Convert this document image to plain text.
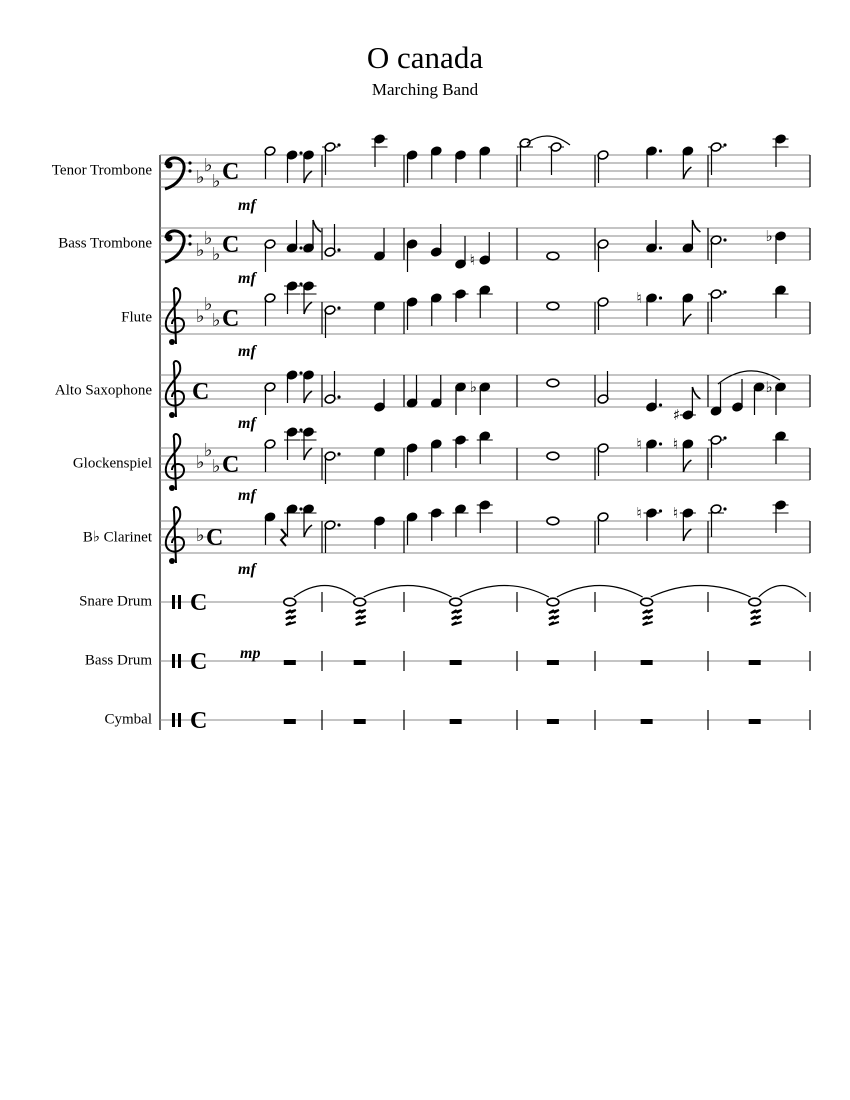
O canada
Marching Band
Tenor Trombone
Bass Trombone
Flute
Alto Saxophone
Glockenspiel
B♭ Clarinet
Snare Drum
Bass Drum
Cymbal
♭
♭
♭ C
♭
♭
♭ C
mf
♮
♭
♭
♭
♭ C
mf
♮
C
mf
♭
♯
♭
♭
♭
♭ C
mf
♮ ♮
♭ C
mf
♮ ♮
C
mf
C mp
C
